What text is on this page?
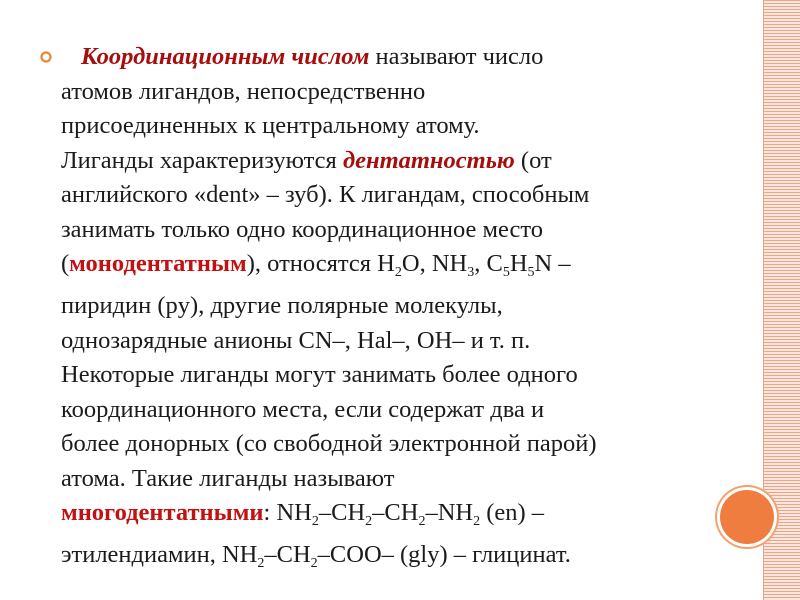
Координационным числом называют число
атомов лигандов, непосредственно
присоединенных к центральному атому.
Лиганды характеризуются дентатностью (от
английского «dent» – зуб). К лигандам, способным
занимать только одно координационное место
(монодентатным), относятся $H_2O$, $NH_3$, $C_5H_5N$ –
пиридин (py), другие полярные молекулы,
однозарядные анионы CN–, Hal–, OH– и т. п.
Некоторые лиганды могут занимать более одного
координационного места, если содержат два и
более донорных (со свободной электронной парой)
атома. Такие лиганды называют
многодентатными: $NH_2-CH_2-CH_2-NH_2$ (en) –
этилендиамин, $NH_2-CH_2-COO-$ (gly) – глицинат.
